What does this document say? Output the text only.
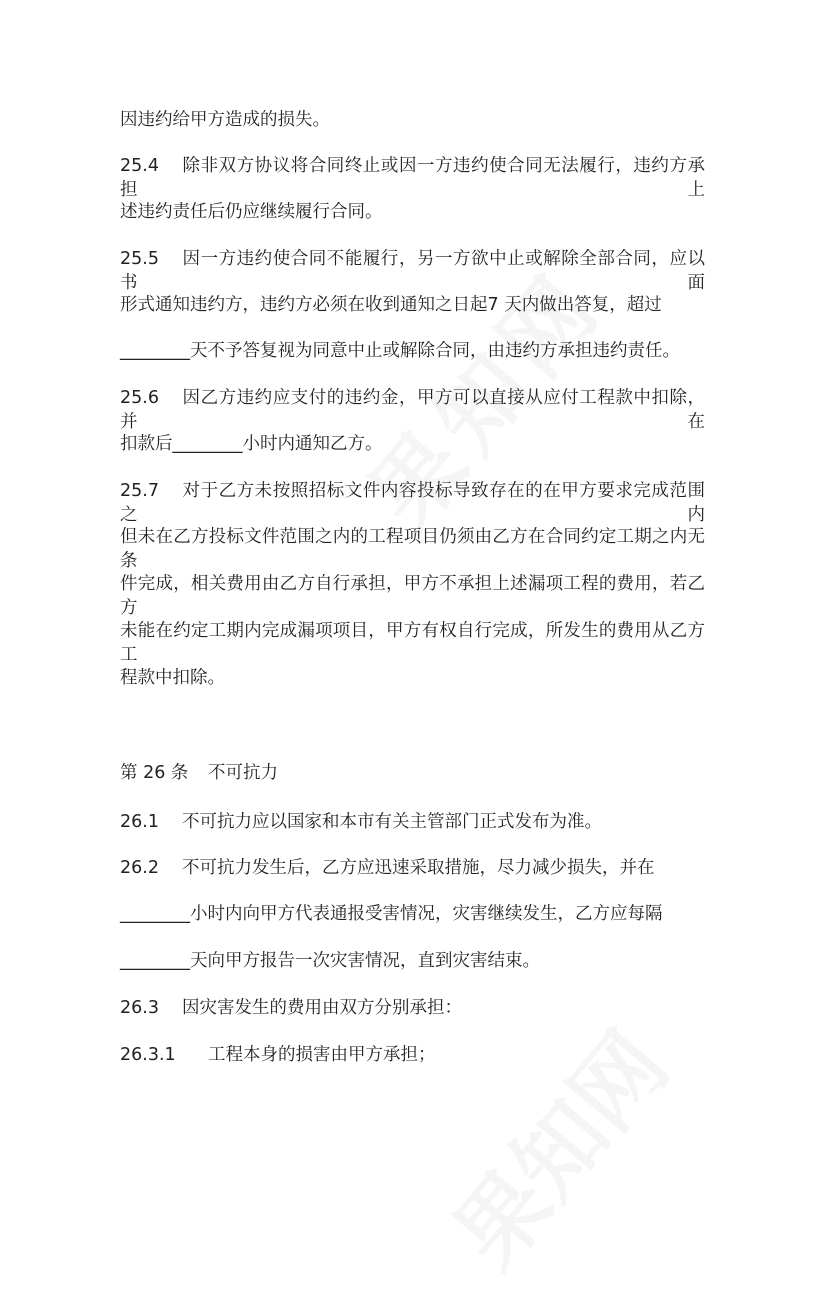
因违约给甲方造成的损失。
25.4 除非双方协议将合同终止或因一方违约使合同无法履行，违约方承担上
述违约责任后仍应继续履行合同。
25.5 因一方违约使合同不能履行，另一方欲中止或解除全部合同，应以书面
形式通知违约方，违约方必须在收到通知之日起7 天内做出答复，超过
________天不予答复视为同意中止或解除合同，由违约方承担违约责任。
25.6 因乙方违约应支付的违约金，甲方可以直接从应付工程款中扣除，并在
扣款后________小时内通知乙方。
25.7 对于乙方未按照招标文件内容投标导致存在的在甲方要求完成范围之内
但未在乙方投标文件范围之内的工程项目仍须由乙方在合同约定工期之内无条
件完成，相关费用由乙方自行承担，甲方不承担上述漏项工程的费用，若乙方
未能在约定工期内完成漏项项目，甲方有权自行完成，所发生的费用从乙方工
程款中扣除。
第 26 条 不可抗力
26.1 不可抗力应以国家和本市有关主管部门正式发布为准。
26.2 不可抗力发生后，乙方应迅速采取措施，尽力减少损失，并在
________小时内向甲方代表通报受害情况，灾害继续发生，乙方应每隔
________天向甲方报告一次灾害情况，直到灾害结束。
26.3 因灾害发生的费用由双方分别承担：
26.3.1 工程本身的损害由甲方承担；
